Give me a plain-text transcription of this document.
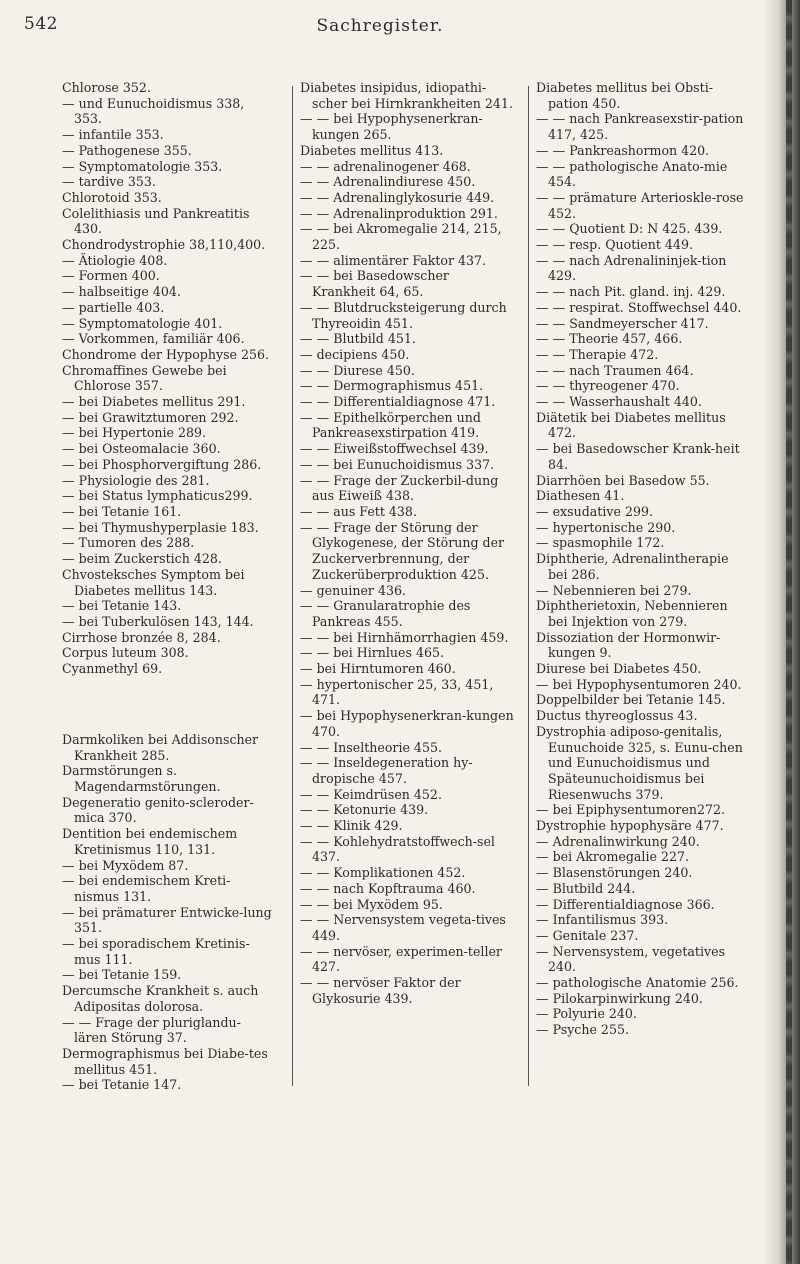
542	Sachregister.

Chlorose 352.

— und Eunuchoidismus 338, 353.

— infantile 353.

— Pathogenese 355.

— Symptomatologie 353.

— tardive 353.

Chlorotoid 353.

Colelithiasis und Pankreatitis 430.

Chondrodystrophie 38,110,400.

— Ätiologie 408.

— Formen 400.

— halbseitige 404.

— partielle 403.

— Symptomatologie 401.

— Vorkommen, familiär 406.

Chondrome der Hypophyse 256.

Chromaffines Gewebe bei Chlorose 357.

— bei Diabetes mellitus 291.

— bei Grawitztumoren 292.

— bei Hypertonie 289.

— bei Osteomalacie 360.

— bei Phosphorvergiftung 286.

— Physiologie des 281.

— bei Status lymphaticus299.

— bei Tetanie 161.

— bei Thymushyperplasie 183.

— Tumoren des 288.

— beim Zuckerstich 428.

Chvosteksches Symptom bei Diabetes mellitus 143.

— bei Tetanie 143.

— bei Tuberkulösen 143, 144.

Cirrhose bronzée 8, 284.

Corpus luteum 308.

Cyanmethyl 69.

Darmkoliken bei Addisonscher Krankheit 285.

Darmstörungen s. Magendarmstörungen.

Degeneratio genito-scleroder-mica 370.

Dentition bei endemischem Kretinismus 110, 131.

— bei Myxödem 87.

— bei endemischem Kreti-nismus 131.

— bei prämaturer Entwicke-lung 351.

— bei sporadischem Kretinis-mus 111.

— bei Tetanie 159.

Dercumsche Krankheit s. auch Adipositas dolorosa.

— — Frage der pluriglandu-lären Störung 37.

Dermographismus bei Diabe-tes mellitus 451.

— bei Tetanie 147.

Diabetes insipidus, idiopathi-scher bei Hirnkrankheiten 241.

— — bei Hypophysenerkran-kungen 265.

Diabetes mellitus 413.

— — adrenalinogener 468.

— — Adrenalindiurese 450.

— — Adrenalinglykosurie 449.

— — Adrenalinproduktion 291.

— — bei Akromegalie 214, 215, 225.

— — alimentärer Faktor 437.

— — bei Basedowscher Krankheit 64, 65.

— — Blutdrucksteigerung durch Thyreoidin 451.

— — Blutbild 451.

— decipiens 450.

— — Diurese 450.

— — Dermographismus 451.

— — Differentialdiagnose 471.

— — Epithelkörperchen und Pankreasexstirpation 419.

— — Eiweißstoffwechsel 439.

— — bei Eunuchoidismus 337.

— — Frage der Zuckerbil-dung aus Eiweiß 438.

— — aus Fett 438.

— — Frage der Störung der Glykogenese, der Störung der Zuckerverbrennung, der Zuckerüberproduktion 425.

— genuiner 436.

— — Granularatrophie des Pankreas 455.

— — bei Hirnhämorrhagien 459.

— — bei Hirnlues 465.

— bei Hirntumoren 460.

— hypertonischer 25, 33, 451, 471.

— bei Hypophysenerkran-kungen 470.

— — Inseltheorie 455.

— — Inseldegeneration hy-dropische 457.

— — Keimdrüsen 452.

— — Ketonurie 439.

— — Klinik 429.

— — Kohlehydratstoffwech-sel 437.

— — Komplikationen 452.

— — nach Kopftrauma 460.

— — bei Myxödem 95.

— — Nervensystem vegeta-tives 449.

— — nervöser, experimen-teller 427.

— — nervöser Faktor der Glykosurie 439.

Diabetes mellitus bei Obsti-pation 450.

— — nach Pankreasexstir-pation 417, 425.

— — Pankreashormon 420.

— — pathologische Anato-mie 454.

— — prämature Arterioskle-rose 452.

— — Quotient D: N 425. 439.

— — resp. Quotient 449.

— — nach Adrenalininjek-tion 429.

— — nach Pit. gland. inj. 429.

— — respirat. Stoffwechsel 440.

— — Sandmeyerscher 417.

— — Theorie 457, 466.

— — Therapie 472.

— — nach Traumen 464.

— — thyreogener 470.

— — Wasserhaushalt 440.

Diätetik bei Diabetes mellitus 472.

— bei Basedowscher Krank-heit 84.

Diarrhöen bei Basedow 55.

Diathesen 41.

— exsudative 299.

— hypertonische 290.

— spasmophile 172.

Diphtherie, Adrenalintherapie bei 286.

— Nebennieren bei 279.

Diphtherietoxin, Nebennieren bei Injektion von 279.

Dissoziation der Hormonwir-kungen 9.

Diurese bei Diabetes 450.

— bei Hypophysentumoren 240.

Doppelbilder bei Tetanie 145.

Ductus thyreoglossus 43.

Dystrophia adiposo-genitalis, Eunuchoide 325, s. Eunu-chen und Eunuchoidismus und Späteunuchoidismus bei Riesenwuchs 379.

— bei Epiphysentumoren272.

Dystrophie hypophysäre 477.

— Adrenalinwirkung 240.

— bei Akromegalie 227.

— Blasenstörungen 240.

— Blutbild 244.

— Differentialdiagnose 366.

— Infantilismus 393.

— Genitale 237.

— Nervensystem, vegetatives 240.

— pathologische Anatomie 256.

— Pilokarpinwirkung 240.

— Polyurie 240.

— Psyche 255.
